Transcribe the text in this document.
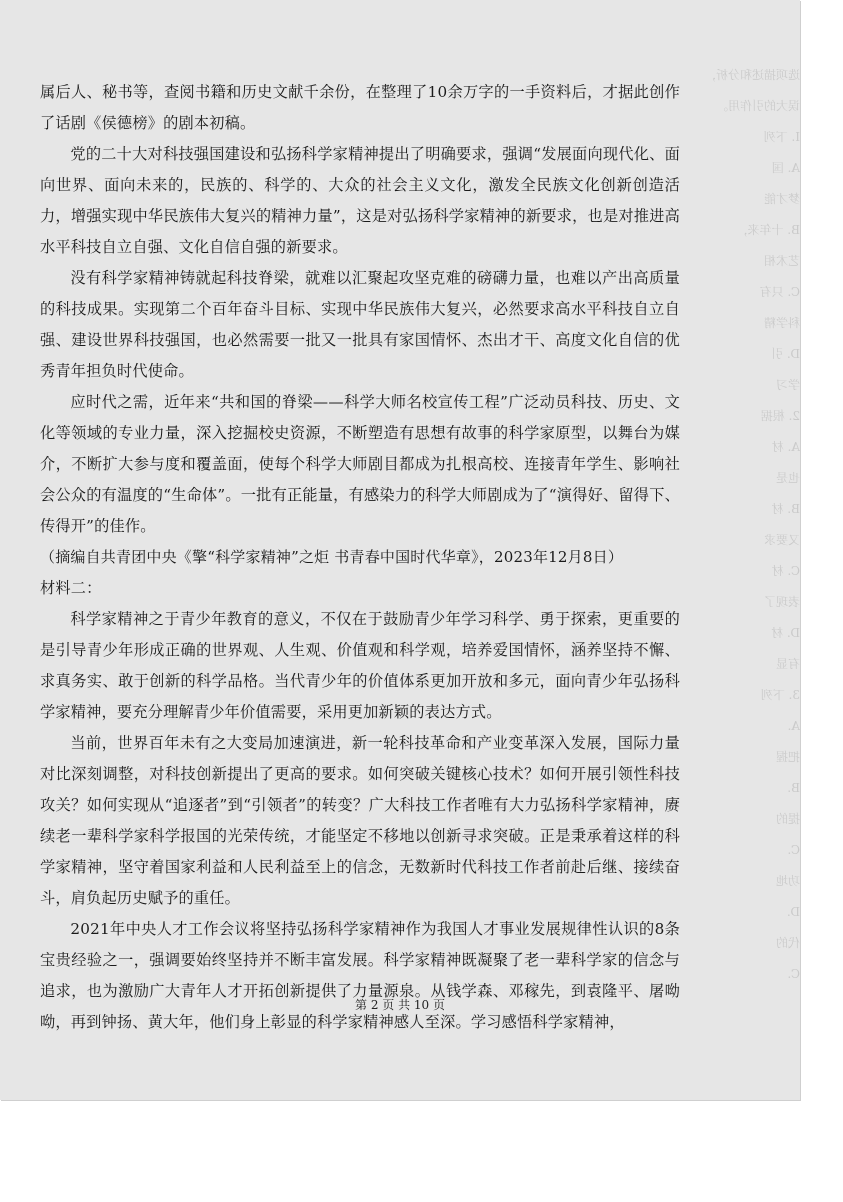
选项描述和分析，
误大的引作用。
I. 下列
A. 国
梦才能
B. 十年来，
艺术相
C. 只有
科学精
D. 引
学习
2. 根据
A. 材
也是
B. 材
又要求
C. 材
表现了
D. 材
有显
3. 下列
A.
把握
B.
提的
C.
功地
D.
代的
C.

属后人、秘书等，查阅书籍和历史文献千余份，在整理了10余万字的一手资料后，才据此创作了话剧《侯德榜》的剧本初稿。

党的二十大对科技强国建设和弘扬科学家精神提出了明确要求，强调“发展面向现代化、面向世界、面向未来的，民族的、科学的、大众的社会主义文化，激发全民族文化创新创造活力，增强实现中华民族伟大复兴的精神力量”，这是对弘扬科学家精神的新要求，也是对推进高水平科技自立自强、文化自信自强的新要求。

没有科学家精神铸就起科技脊梁，就难以汇聚起攻坚克难的磅礴力量，也难以产出高质量的科技成果。实现第二个百年奋斗目标、实现中华民族伟大复兴，必然要求高水平科技自立自强、建设世界科技强国，也必然需要一批又一批具有家国情怀、杰出才干、高度文化自信的优秀青年担负时代使命。

应时代之需，近年来“共和国的脊梁——科学大师名校宣传工程”广泛动员科技、历史、文化等领域的专业力量，深入挖掘校史资源，不断塑造有思想有故事的科学家原型，以舞台为媒介，不断扩大参与度和覆盖面，使每个科学大师剧目都成为扎根高校、连接青年学生、影响社会公众的有温度的“生命体”。一批有正能量，有感染力的科学大师剧成为了“演得好、留得下、传得开”的佳作。

（摘编自共青团中央《擎“科学家精神”之炬 书青春中国时代华章》，2023年12月8日）

材料二：

科学家精神之于青少年教育的意义，不仅在于鼓励青少年学习科学、勇于探索，更重要的是引导青少年形成正确的世界观、人生观、价值观和科学观，培养爱国情怀，涵养坚持不懈、求真务实、敢于创新的科学品格。当代青少年的价值体系更加开放和多元，面向青少年弘扬科学家精神，要充分理解青少年价值需要，采用更加新颖的表达方式。

当前，世界百年未有之大变局加速演进，新一轮科技革命和产业变革深入发展，国际力量对比深刻调整，对科技创新提出了更高的要求。如何突破关键核心技术？如何开展引领性科技攻关？如何实现从“追逐者”到“引领者”的转变？广大科技工作者唯有大力弘扬科学家精神，赓续老一辈科学家科学报国的光荣传统，才能坚定不移地以创新寻求突破。正是秉承着这样的科学家精神，坚守着国家利益和人民利益至上的信念，无数新时代科技工作者前赴后继、接续奋斗，肩负起历史赋予的重任。

2021年中央人才工作会议将坚持弘扬科学家精神作为我国人才事业发展规律性认识的8条宝贵经验之一，强调要始终坚持并不断丰富发展。科学家精神既凝聚了老一辈科学家的信念与追求，也为激励广大青年人才开拓创新提供了力量源泉。从钱学森、邓稼先，到袁隆平、屠呦呦，再到钟扬、黄大年，他们身上彰显的科学家精神感人至深。学习感悟科学家精神，

第 2 页 共 10 页
